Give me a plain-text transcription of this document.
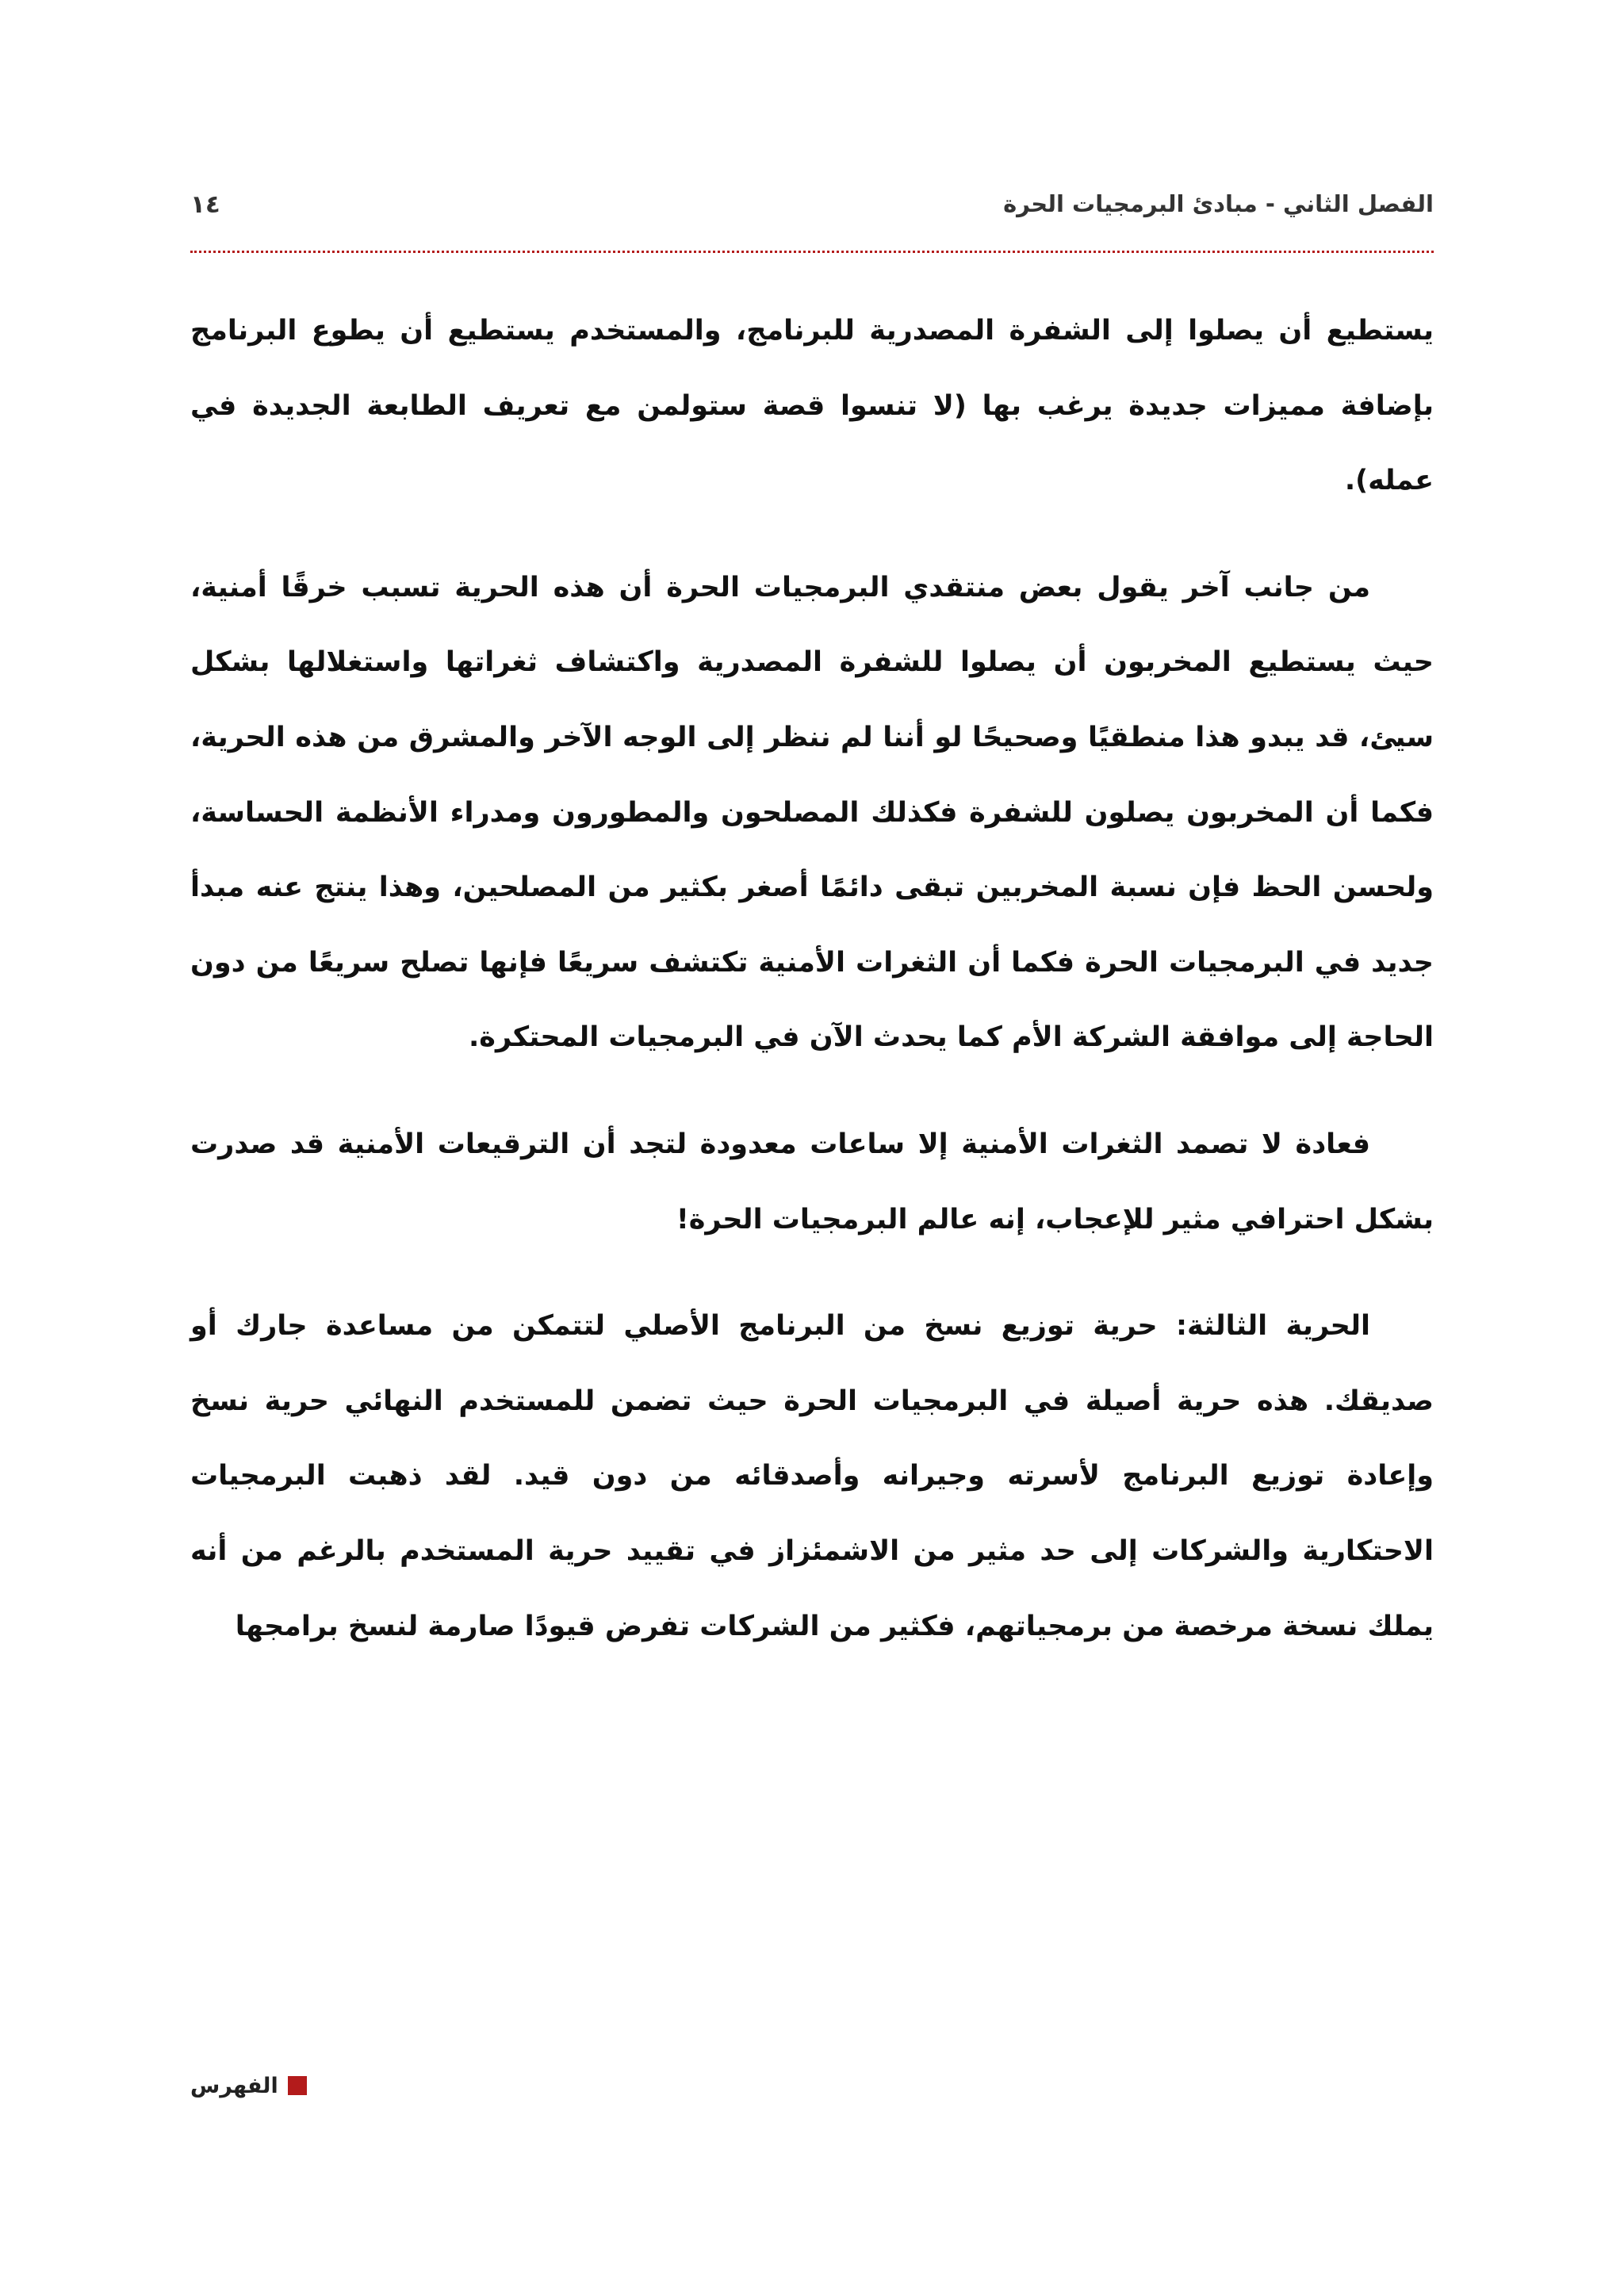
الفصل الثاني - مبادئ البرمجيات الحرة
١٤

يستطيع أن يصلوا إلى الشفرة المصدرية للبرنامج، والمستخدم يستطيع أن يطوع البرنامج بإضافة مميزات جديدة يرغب بها (لا تنسوا قصة ستولمن مع تعريف الطابعة الجديدة في عمله).

من جانب آخر يقول بعض منتقدي البرمجيات الحرة أن هذه الحرية تسبب خرقًا أمنية، حيث يستطيع المخربون أن يصلوا للشفرة المصدرية واكتشاف ثغراتها واستغلالها بشكل سيئ، قد يبدو هذا منطقيًا وصحيحًا لو أننا لم ننظر إلى الوجه الآخر والمشرق من هذه الحرية، فكما أن المخربون يصلون للشفرة فكذلك المصلحون والمطورون ومدراء الأنظمة الحساسة، ولحسن الحظ فإن نسبة المخربين تبقى دائمًا أصغر بكثير من المصلحين، وهذا ينتج عنه مبدأ جديد في البرمجيات الحرة فكما أن الثغرات الأمنية تكتشف سريعًا فإنها تصلح سريعًا من دون الحاجة إلى موافقة الشركة الأم كما يحدث الآن في البرمجيات المحتكرة.

فعادة لا تصمد الثغرات الأمنية إلا ساعات معدودة لتجد أن الترقيعات الأمنية قد صدرت بشكل احترافي مثير للإعجاب، إنه عالم البرمجيات الحرة!

الحرية الثالثة: حرية توزيع نسخ من البرنامج الأصلي لتتمكن من مساعدة جارك أو صديقك. هذه حرية أصيلة في البرمجيات الحرة حيث تضمن للمستخدم النهائي حرية نسخ وإعادة توزيع البرنامج لأسرته وجيرانه وأصدقائه من دون قيد. لقد ذهبت البرمجيات الاحتكارية والشركات إلى حد مثير من الاشمئزاز في تقييد حرية المستخدم بالرغم من أنه يملك نسخة مرخصة من برمجياتهم، فكثير من الشركات تفرض قيودًا صارمة لنسخ برامجها

الفهرس
